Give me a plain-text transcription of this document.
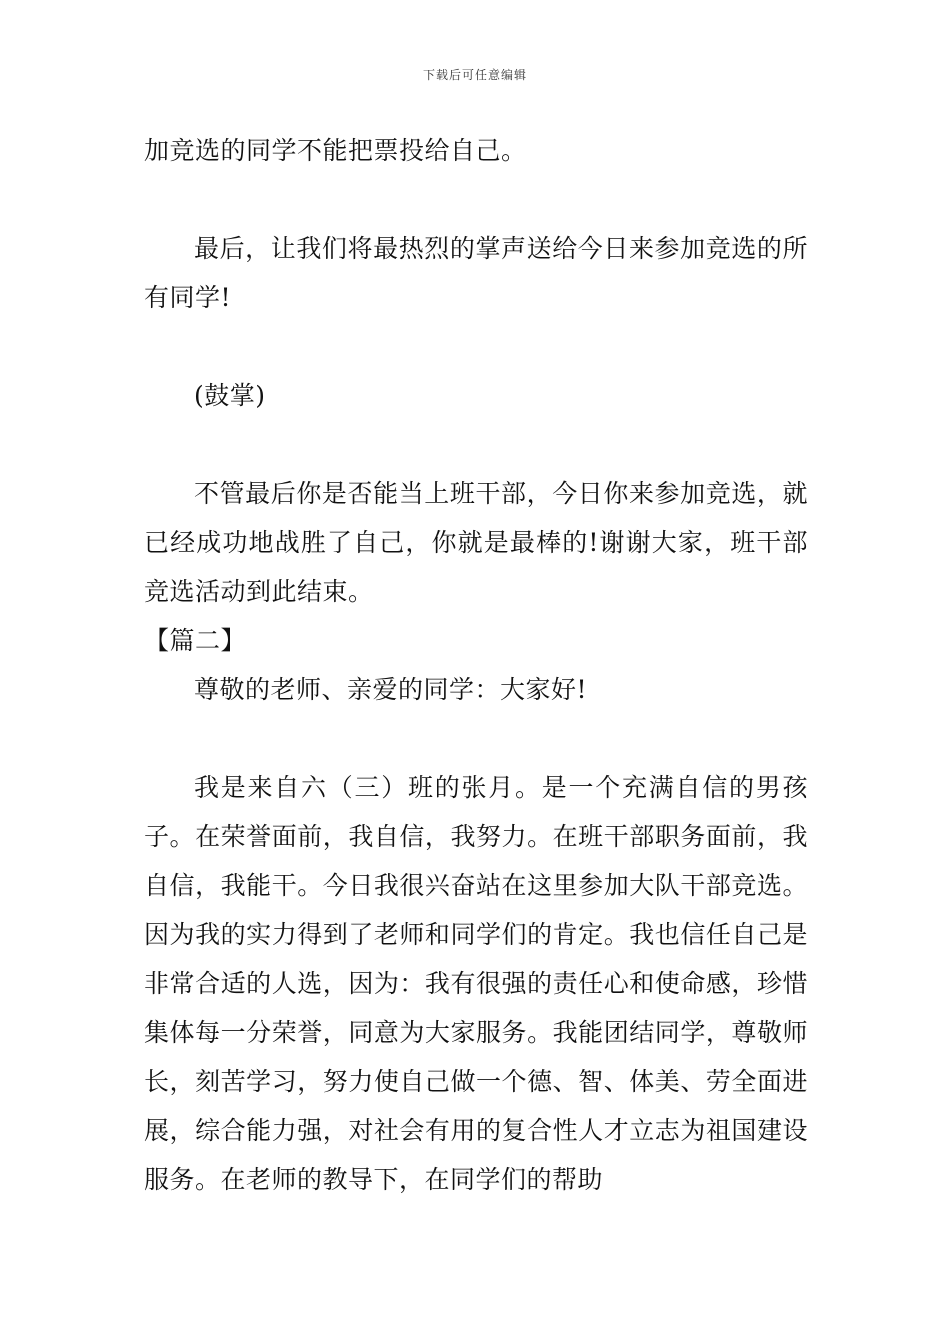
下载后可任意编辑

加竞选的同学不能把票投给自己。

最后，让我们将最热烈的掌声送给今日来参加竞选的所有同学!

(鼓掌)

不管最后你是否能当上班干部，今日你来参加竞选，就已经成功地战胜了自己，你就是最棒的!谢谢大家，班干部竞选活动到此结束。

【篇二】

尊敬的老师、亲爱的同学：大家好!

我是来自六（三）班的张月。是一个充满自信的男孩子。在荣誉面前，我自信，我努力。在班干部职务面前，我自信，我能干。今日我很兴奋站在这里参加大队干部竞选。因为我的实力得到了老师和同学们的肯定。我也信任自己是非常合适的人选，因为：我有很强的责任心和使命感，珍惜集体每一分荣誉，同意为大家服务。我能团结同学，尊敬师长，刻苦学习，努力使自己做一个德、智、体美、劳全面进展，综合能力强，对社会有用的复合性人才立志为祖国建设服务。在老师的教导下，在同学们的帮助
